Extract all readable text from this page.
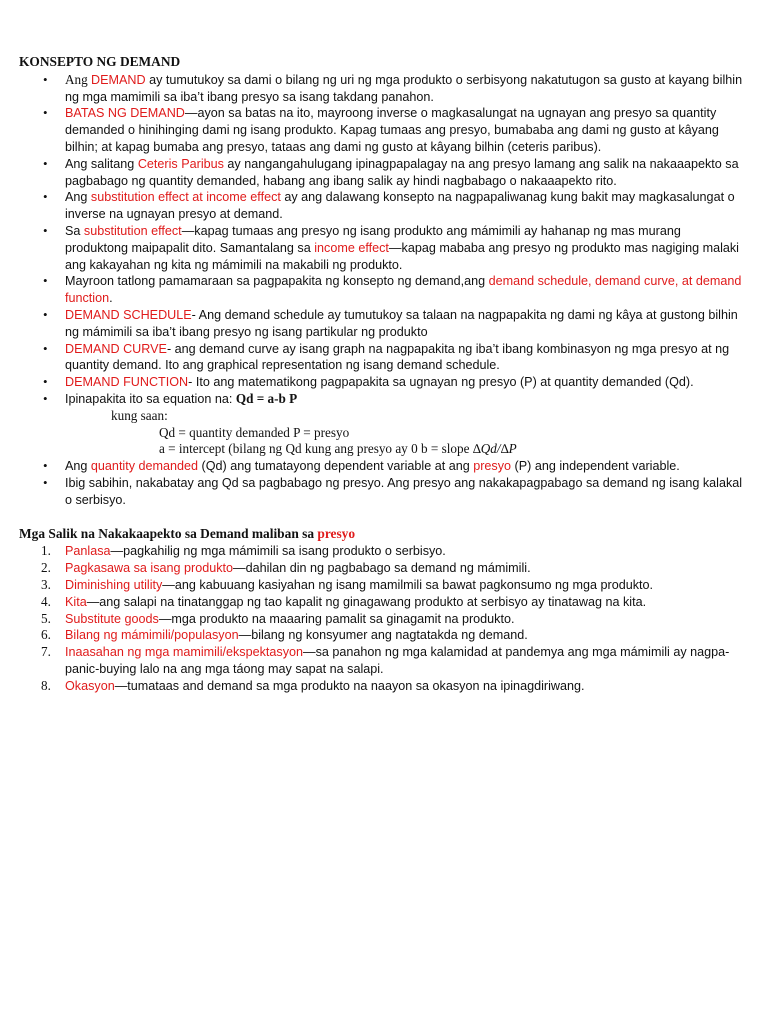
KONSEPTO NG DEMAND
• Ang DEMAND ay tumutukoy sa dami o bilang ng uri ng mga produkto o serbisyong nakatutugon sa gusto at kayang bilhin ng mga mamimili sa iba’t ibang presyo sa isang takdang panahon.
• BATAS NG DEMAND—ayon sa batas na ito, mayroong inverse o magkasalungat na ugnayan ang presyo sa quantity demanded o hinihinging dami ng isang produkto. Kapag tumaas ang presyo, bumababa ang dami ng gusto at kâyang bilhin; at kapag bumaba ang presyo, tataas ang dami ng gusto at kâyang bilhin (ceteris paribus).
• Ang salitang Ceteris Paribus ay nangangahulugang ipinagpapalagay na ang presyo lamang ang salik na nakaaapekto sa pagbabago ng quantity demanded, habang ang ibang salik ay hindi nagbabago o nakaaapekto rito.
• Ang substitution effect at income effect ay ang dalawang konsepto na nagpapaliwanag kung bakit may magkasalungat o inverse na ugnayan presyo at demand.
• Sa substitution effect—kapag tumaas ang presyo ng isang produkto ang mámimili ay hahanap ng mas murang produktong maipapalit dito. Samantalang sa income effect—kapag mababa ang presyo ng produkto mas nagiging malaki ang kakayahan ng kita ng mámimili na makabili ng produkto.
• Mayroon tatlong pamamaraan sa pagpapakita ng konsepto ng demand,ang demand schedule, demand curve, at demand function.
• DEMAND SCHEDULE- Ang demand schedule ay tumutukoy sa talaan na nagpapakita ng dami ng kâya at gustong bilhin ng mámimili sa iba’t ibang presyo ng isang partikular ng produkto
• DEMAND CURVE- ang demand curve ay isang graph na nagpapakita ng iba’t ibang kombinasyon ng mga presyo at ng quantity demand. Ito ang graphical representation ng isang demand schedule.
• DEMAND FUNCTION- Ito ang matematikong pagpapakita sa ugnayan ng presyo (P) at quantity demanded (Qd).
• Ipinapakita ito sa equation na: Qd = a-b P
kung saan:
Qd = quantity demanded P = presyo
a = intercept (bilang ng Qd kung ang presyo ay 0 b = slope ∆Qd/∆P
• Ang quantity demanded (Qd) ang tumatayong dependent variable at ang presyo (P) ang independent variable.
• Ibig sabihin, nakabatay ang Qd sa pagbabago ng presyo. Ang presyo ang nakakapagpabago sa demand ng isang kalakal o serbisyo.
Mga Salik na Nakakaapekto sa Demand maliban sa presyo
1. Panlasa—pagkahilig ng mga mámimili sa isang produkto o serbisyo.
2. Pagkasawa sa isang produkto—dahilan din ng pagbabago sa demand ng mámimili.
3. Diminishing utility—ang kabuuang kasiyahan ng isang mamilmili sa bawat pagkonsumo ng mga produkto.
4. Kita—ang salapi na tinatanggap ng tao kapalit ng ginagawang produkto at serbisyo ay tinatawag na kita.
5. Substitute goods—mga produkto na maaaring pamalit sa ginagamit na produkto.
6. Bilang ng mámimili/populasyon—bilang ng konsyumer ang nagtatakda ng demand.
7. Inaasahan ng mga mamimili/ekspektasyon—sa panahon ng mga kalamidad at pandemya ang mga mámimili ay nagpa-panic-buying lalo na ang mga táong may sapat na salapi.
8. Okasyon—tumataas and demand sa mga produkto na naayon sa okasyon na ipinagdiriwang.
